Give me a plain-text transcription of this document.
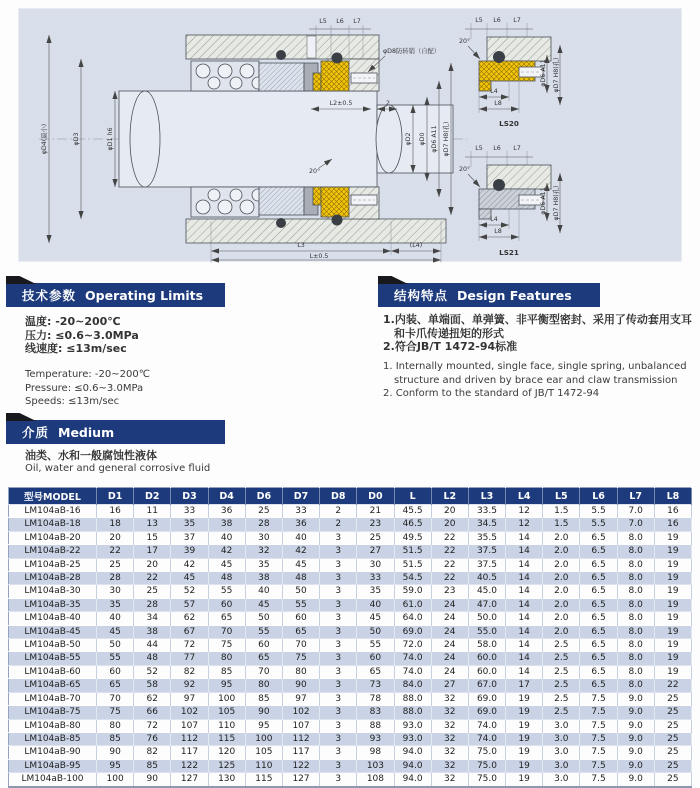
L5 L6 L7
φD8防转销（自配）
L2±0.5	2
φD4(最小)	φD3	φD1 h6	φD2 φD0 φD6 A11 φD7 H8(孔)
20°
L3	(L4)
L±0.5
L5 L6 L7
20°
L4
L8
φD6 A11 φD7 H8(孔)
LS20
L5 L6 L7
20°
L4
L8
φD6 A11 φD7 H8(孔)
LS21
技术参数 Operating Limits	结构特点 Design Features
介质 Medium
温度: -20~200℃
压力: ≤0.6~3.0MPa
线速度: ≤13m/sec
Temperature: -20~200℃
Pressure: ≤0.6~3.0MPa
Speeds: ≤13m/sec
1.内装、单端面、单弹簧、非平衡型密封、采用了传动套用支耳和卡爪传递扭矩的形式
2.符合JB/T 1472-94标准
1. Internally mounted, single face, single spring, unbalanced structure and driven by brace ear and claw transmission
2. Conform to the standard of JB/T 1472-94
油类、水和一般腐蚀性液体
Oil, water and general corrosive fluid
型号MODEL	D1	D2	D3	D4	D6	D7	D8	D0	L	L2	L3	L4	L5	L6	L7	L8
LM104aB-16	16	11	33	36	25	33	2	21	45.5	20	33.5	12	1.5	5.5	7.0	16
LM104aB-18	18	13	35	38	28	36	2	23	46.5	20	34.5	12	1.5	5.5	7.0	16
LM104aB-20	20	15	37	40	30	40	3	25	49.5	22	35.5	14	2.0	6.5	8.0	19
LM104aB-22	22	17	39	42	32	42	3	27	51.5	22	37.5	14	2.0	6.5	8.0	19
LM104aB-25	25	20	42	45	35	45	3	30	51.5	22	37.5	14	2.0	6.5	8.0	19
LM104aB-28	28	22	45	48	38	48	3	33	54.5	22	40.5	14	2.0	6.5	8.0	19
LM104aB-30	30	25	52	55	40	50	3	35	59.0	23	45.0	14	2.0	6.5	8.0	19
LM104aB-35	35	28	57	60	45	55	3	40	61.0	24	47.0	14	2.0	6.5	8.0	19
LM104aB-40	40	34	62	65	50	60	3	45	64.0	24	50.0	14	2.0	6.5	8.0	19
LM104aB-45	45	38	67	70	55	65	3	50	69.0	24	55.0	14	2.0	6.5	8.0	19
LM104aB-50	50	44	72	75	60	70	3	55	72.0	24	58.0	14	2.5	6.5	8.0	19
LM104aB-55	55	48	77	80	65	75	3	60	74.0	24	60.0	14	2.5	6.5	8.0	19
LM104aB-60	60	52	82	85	70	80	3	65	74.0	24	60.0	14	2.5	6.5	8.0	19
LM104aB-65	65	58	92	95	80	90	3	73	84.0	27	67.0	17	2.5	6.5	8.0	22
LM104aB-70	70	62	97	100	85	97	3	78	88.0	32	69.0	19	2.5	7.5	9.0	25
LM104aB-75	75	66	102	105	90	102	3	83	88.0	32	69.0	19	2.5	7.5	9.0	25
LM104aB-80	80	72	107	110	95	107	3	88	93.0	32	74.0	19	3.0	7.5	9.0	25
LM104aB-85	85	76	112	115	100	112	3	93	93.0	32	74.0	19	3.0	7.5	9.0	25
LM104aB-90	90	82	117	120	105	117	3	98	94.0	32	75.0	19	3.0	7.5	9.0	25
LM104aB-95	95	85	122	125	110	122	3	103	94.0	32	75.0	19	3.0	7.5	9.0	25
LM104aB-100	100	90	127	130	115	127	3	108	94.0	32	75.0	19	3.0	7.5	9.0	25
